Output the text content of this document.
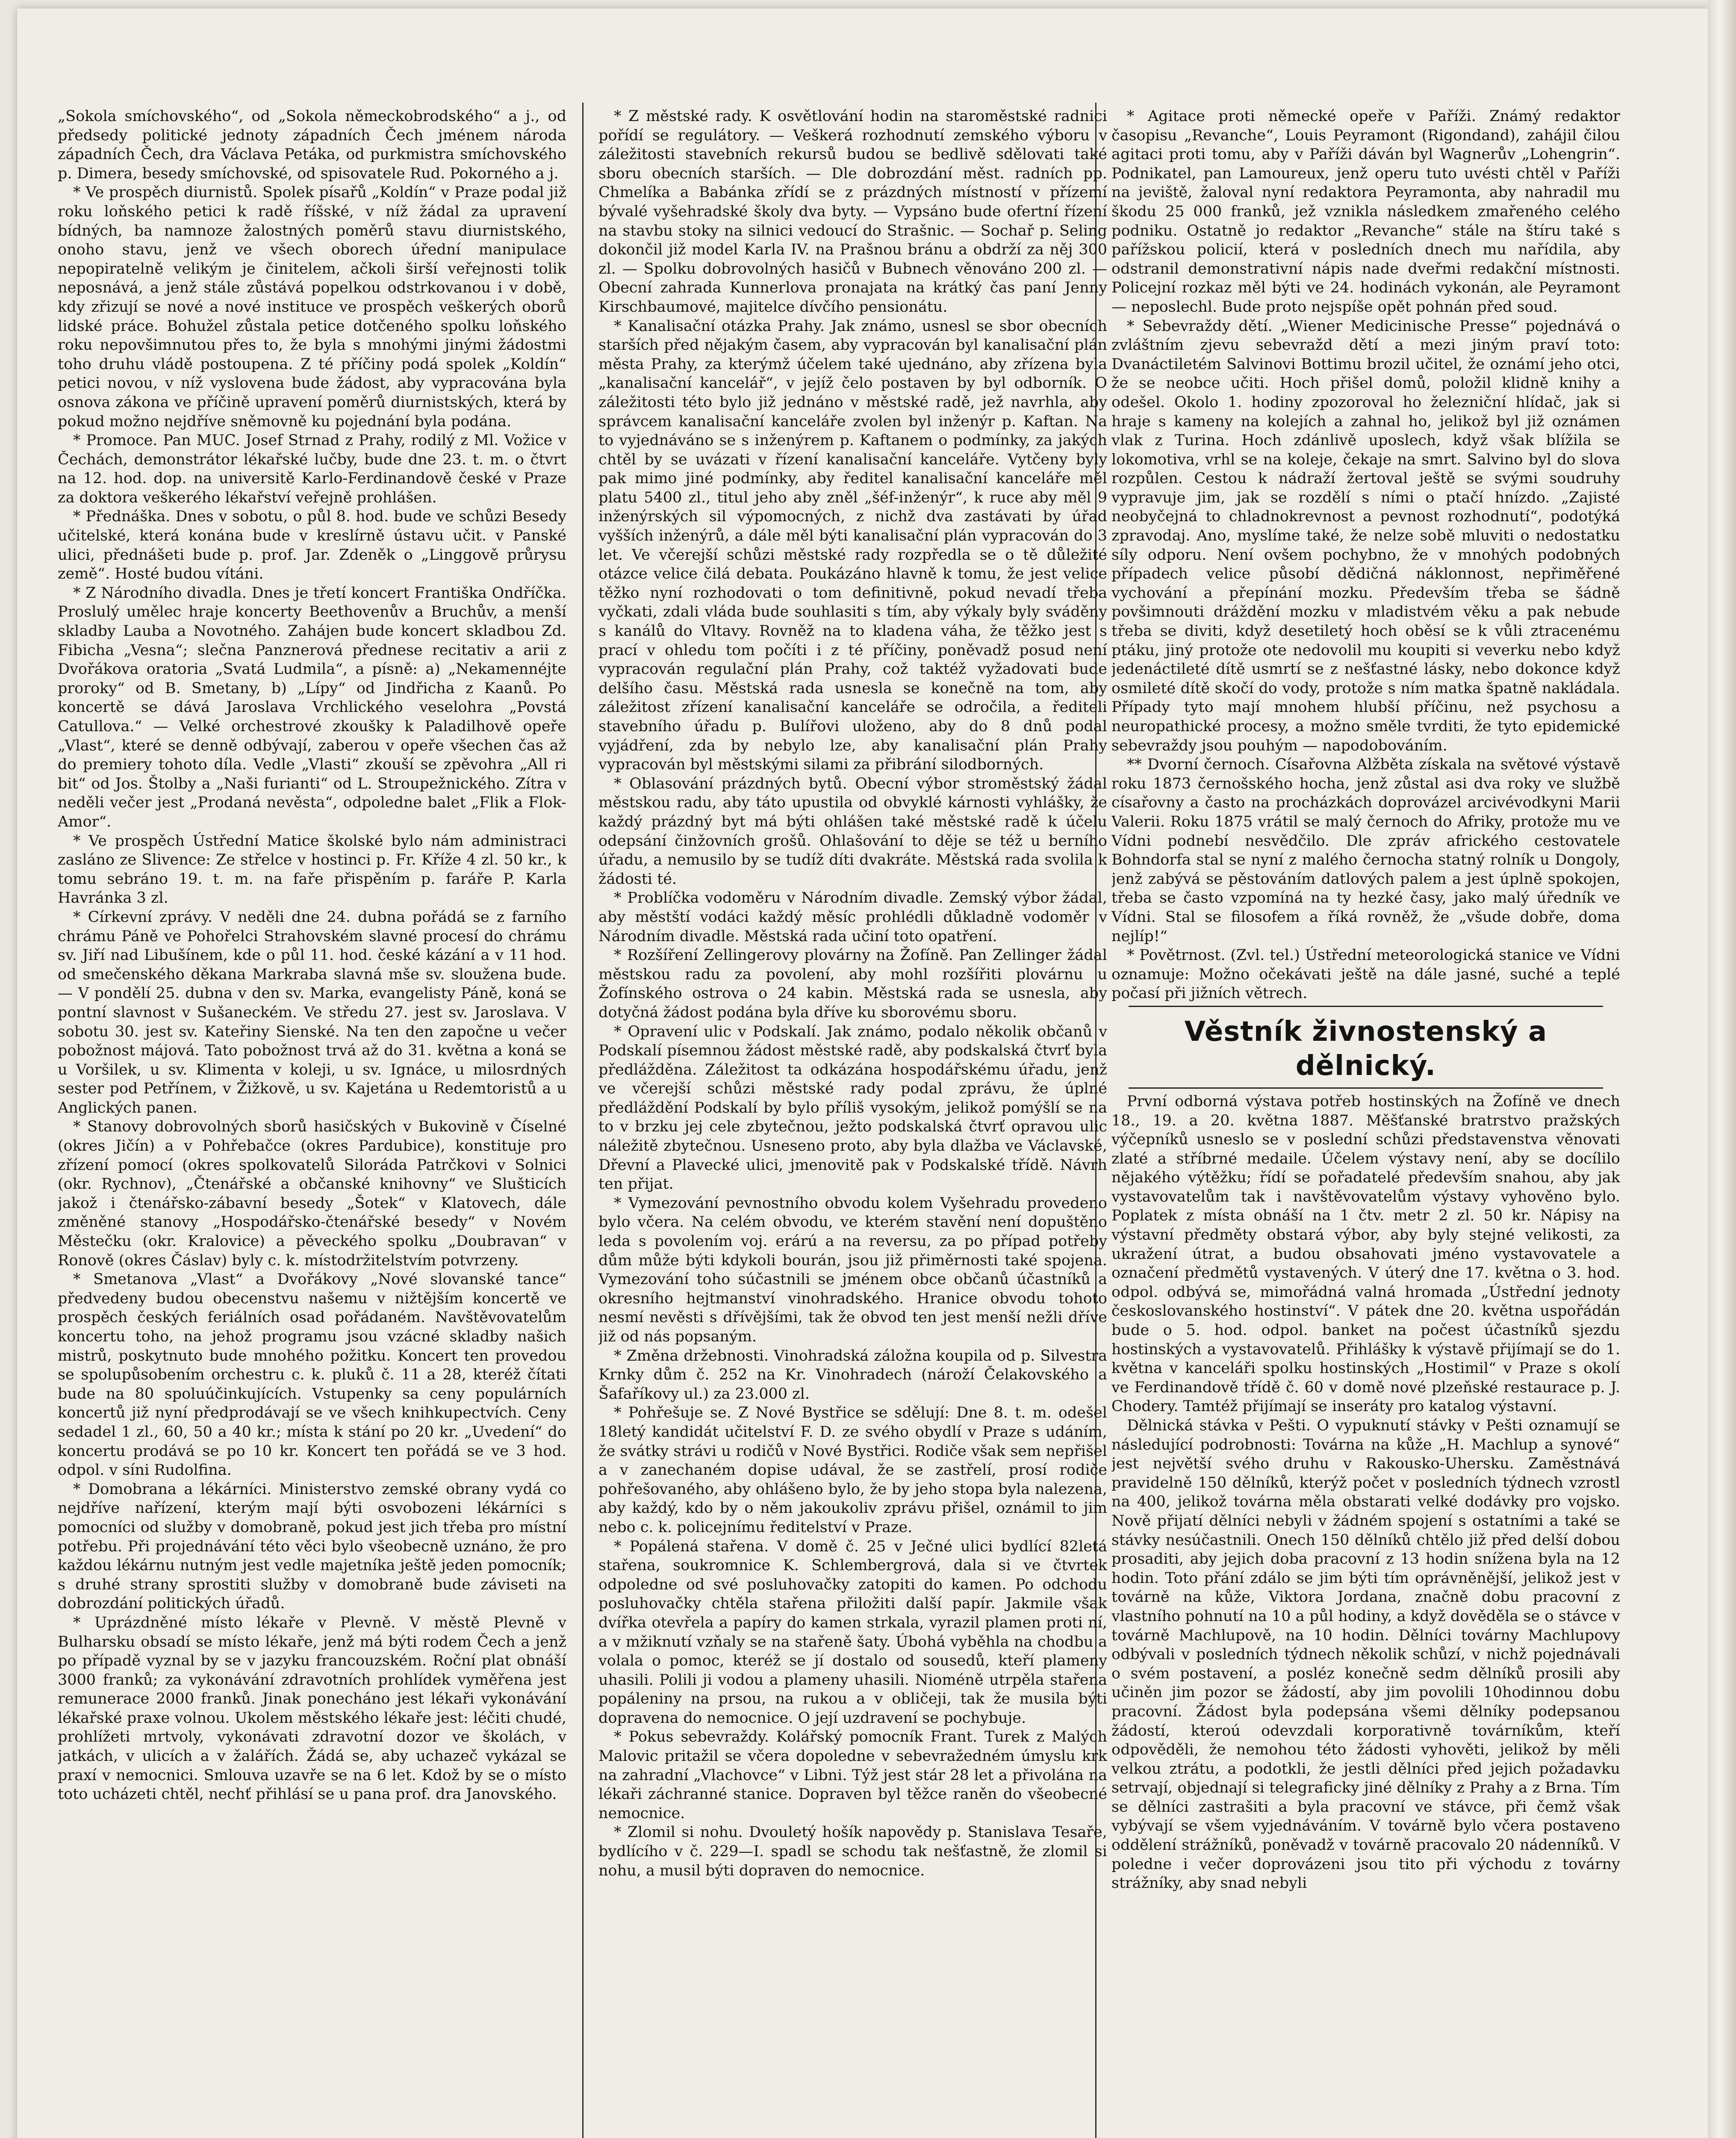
„Sokola smíchovského“, od „Sokola německobrodského“ a j., od předsedy politické jednoty západních Čech jménem národa západních Čech, dra Václava Petáka, od purkmistra smíchovského p. Dimera, besedy smíchovské, od spisovatele Rud. Pokorného a j.

* Ve prospěch diurnistů. Spolek písařů „Koldín“ v Praze podal již roku loňského petici k radě říšské, v níž žádal za upravení bídných, ba namnoze žalostných poměrů stavu diurnistského, onoho stavu, jenž ve všech oborech úřední manipulace nepopiratelně velikým je činitelem, ačkoli širší veřejnosti tolik neposnává, a jenž stále zůstává popelkou odstrkovanou i v době, kdy zřizují se nové a nové instituce ve prospěch veškerých oborů lidské práce. Bohužel zůstala petice dotčeného spolku loňského roku nepovšimnutou přes to, že byla s mnohými jinými žádostmi toho druhu vládě postoupena. Z té příčiny podá spolek „Koldín“ petici novou, v níž vyslovena bude žádost, aby vypracována byla osnova zákona ve příčině upravení poměrů diurnistských, která by pokud možno nejdříve sněmovně ku pojednání byla podána.

* Promoce. Pan MUC. Josef Strnad z Prahy, rodilý z Ml. Vožice v Čechách, demonstrátor lékařské lučby, bude dne 23. t. m. o čtvrt na 12. hod. dop. na universitě Karlo-Ferdinandově české v Praze za doktora veškerého lékařství veřejně prohlášen.

* Přednáška. Dnes v sobotu, o půl 8. hod. bude ve schůzi Besedy učitelské, která konána bude v kreslírně ústavu učit. v Panské ulici, přednášeti bude p. prof. Jar. Zdeněk o „Linggově průrysu země“. Hosté budou vítáni.

* Z Národního divadla. Dnes je třetí koncert Františka Ondříčka. Proslulý umělec hraje koncerty Beethovenův a Bruchův, a menší skladby Lauba a Novotného. Zahájen bude koncert skladbou Zd. Fibicha „Vesna“; slečna Panznerová přednese recitativ a arii z Dvořákova oratoria „Svatá Ludmila“, a písně: a) „Nekamennéjte proroky“ od B. Smetany, b) „Lípy“ od Jindřicha z Kaanů. Po koncertě se dává Jaroslava Vrchlického veselohra „Povstá Catullova.“ — Velké orchestrové zkoušky k Paladilhově opeře „Vlast“, které se denně odbývají, zaberou v opeře všechen čas až do premiery tohoto díla. Vedle „Vlasti“ zkouší se zpěvohra „All ri bit“ od Jos. Štolby a „Naši furianti“ od L. Stroupežnického. Zítra v neděli večer jest „Prodaná nevěsta“, odpoledne balet „Flik a Flok-Amor“.

* Ve prospěch Ústřední Matice školské bylo nám administraci zasláno ze Slivence: Ze střelce v hostinci p. Fr. Kříže 4 zl. 50 kr., k tomu sebráno 19. t. m. na faře přispěním p. faráře P. Karla Havránka 3 zl.

* Církevní zprávy. V neděli dne 24. dubna pořádá se z farního chrámu Páně ve Pohořelci Strahovském slavné procesí do chrámu sv. Jiří nad Libušínem, kde o půl 11. hod. české kázání a v 11 hod. od smečenského děkana Markraba slavná mše sv. sloužena bude. — V pondělí 25. dubna v den sv. Marka, evangelisty Páně, koná se pontní slavnost v Sušaneckém. Ve středu 27. jest sv. Jaroslava. V sobotu 30. jest sv. Kateřiny Sienské. Na ten den započne u večer pobožnost májová. Tato pobožnost trvá až do 31. května a koná se u Voršilek, u sv. Klimenta v koleji, u sv. Ignáce, u milosrdných sester pod Petřínem, v Žižkově, u sv. Kajetána u Redemtoristů a u Anglických panen.

* Stanovy dobrovolných sborů hasičských v Bukovině v Číselné (okres Jičín) a v Pohřebačce (okres Pardubice), konstituje pro zřízení pomocí (okres spolkovatelů Siloráda Patrčkovi v Solnici (okr. Rychnov), „Čtenářské a občanské knihovny“ ve Slušticích jakož i čtenářsko-zábavní besedy „Šotek“ v Klatovech, dále změněné stanovy „Hospodářsko-čtenářské besedy“ v Novém Městečku (okr. Kralovice) a pěveckého spolku „Doubravan“ v Ronově (okres Čáslav) byly c. k. místodržitelstvím potvrzeny.

* Smetanova „Vlast“ a Dvořákovy „Nové slovanské tance“ předvedeny budou obecenstvu našemu v nižtějším koncertě ve prospěch českých feriálních osad pořádaném. Navštěvovatelům koncertu toho, na jehož programu jsou vzácné skladby našich mistrů, poskytnuto bude mnohého požitku. Koncert ten provedou se spolupůsobením orchestru c. k. pluků č. 11 a 28, kteréž čítati bude na 80 spoluúčinkujících. Vstupenky sa ceny populárních koncertů již nyní předprodávají se ve všech knihkupectvích. Ceny sedadel 1 zl., 60, 50 a 40 kr.; místa k stání po 20 kr. „Uvedení“ do koncertu prodává se po 10 kr. Koncert ten pořádá se ve 3 hod. odpol. v síni Rudolfina.

* Domobrana a lékárníci. Ministerstvo zemské obrany vydá co nejdříve nařízení, kterým mají býti osvobozeni lékárníci s pomocníci od služby v domobraně, pokud jest jich třeba pro místní potřebu. Při projednávání této věci bylo všeobecně uznáno, že pro každou lékárnu nutným jest vedle majetníka ještě jeden pomocník; s druhé strany sprostiti služby v domobraně bude záviseti na dobrozdání politických úřadů.

* Uprázdněné místo lékaře v Plevně. V městě Plevně v Bulharsku obsadí se místo lékaře, jenž má býti rodem Čech a jenž po případě vyznal by se v jazyku francouzském. Roční plat obnáší 3000 franků; za vykonávání zdravotních prohlídek vyměřena jest remunerace 2000 franků. Jinak ponecháno jest lékaři vykonávání lékařské praxe volnou. Ukolem městského lékaře jest: léčiti chudé, prohlížeti mrtvoly, vykonávati zdravotní dozor ve školách, v jatkách, v ulicích a v žalářích. Žádá se, aby uchazeč vykázal se praxí v nemocnici. Smlouva uzavře se na 6 let. Kdož by se o místo toto ucházeti chtěl, nechť přihlásí se u pana prof. dra Janovského.

* Z městské rady. K osvětlování hodin na staroměstské radnici pořídí se regulátory. — Veškerá rozhodnutí zemského výboru v záležitosti stavebních rekursů budou se bedlivě sdělovati také sboru obecních starších. — Dle dobrozdání měst. radních pp. Chmelíka a Babánka zřídí se z prázdných místností v přízemí bývalé vyšehradské školy dva byty. — Vypsáno bude ofertní řízení na stavbu stoky na silnici vedoucí do Strašnic. — Sochař p. Seling dokončil již model Karla IV. na Prašnou bránu a obdrží za něj 300 zl. — Spolku dobrovolných hasičů v Bubnech věnováno 200 zl. — Obecní zahrada Kunnerlova pronajata na krátký čas paní Jenny Kirschbaumové, majitelce dívčího pensionátu.

* Kanalisační otázka Prahy. Jak známo, usnesl se sbor obecních starších před nějakým časem, aby vypracován byl kanalisační plán města Prahy, za kterýmž účelem také ujednáno, aby zřízena byla „kanalisační kancelář“, v jejíž čelo postaven by byl odborník. O záležitosti této bylo již jednáno v městské radě, jež navrhla, aby správcem kanalisační kanceláře zvolen byl inženýr p. Kaftan. Na to vyjednáváno se s inženýrem p. Kaftanem o podmínky, za jakých chtěl by se uvázati v řízení kanalisační kanceláře. Vytčeny byly pak mimo jiné podmínky, aby ředitel kanalisační kanceláře měl platu 5400 zl., titul jeho aby zněl „šéf-inženýr“, k ruce aby měl 9 inženýrských sil výpomocných, z nichž dva zastávati by úřad vyšších inženýrů, a dále měl býti kanalisační plán vypracován do 3 let. Ve včerejší schůzi městské rady rozpředla se o tě důležité otázce velice čilá debata. Poukázáno hlavně k tomu, že jest velice těžko nyní rozhodovati o tom definitivně, pokud nevadí třeba vyčkati, zdali vláda bude souhlasiti s tím, aby výkaly byly sváděny s kanálů do Vltavy. Rovněž na to kladena váha, že těžko jest s prací v ohledu tom počíti i z té příčiny, poněvadž posud není vypracován regulační plán Prahy, což taktéž vyžadovati bude delšího času. Městská rada usnesla se konečně na tom, aby záležitost zřízení kanalisační kanceláře se odročila, a řediteli stavebního úřadu p. Bulířovi uloženo, aby do 8 dnů podal vyjádření, zda by nebylo lze, aby kanalisační plán Prahy vypracován byl městskými silami za přibrání silodborných.

* Oblasování prázdných bytů. Obecní výbor stroměstský žádal městskou radu, aby táto upustila od obvyklé kárnosti vyhlášky, že každý prázdný byt má býti ohlášen také městské radě k účelu odepsání činžovních grošů. Ohlašování to děje se též u berního úřadu, a nemusilo by se tudíž díti dvakráte. Městská rada svolila k žádosti té.

* Problíčka vodoměru v Národním divadle. Zemský výbor žádal, aby městští vodáci každý měsíc prohlédli důkladně vodoměr v Národním divadle. Městská rada učiní toto opatření.

* Rozšíření Zellingerovy plovárny na Žofíně. Pan Zellinger žádal městskou radu za povolení, aby mohl rozšířiti plovárnu u Žofínského ostrova o 24 kabin. Městská rada se usnesla, aby dotyčná žádost podána byla dříve ku sborovému sboru.

* Opravení ulic v Podskalí. Jak známo, podalo několik občanů v Podskalí písemnou žádost městské radě, aby podskalská čtvrť byla předlážděna. Záležitost ta odkázána hospodářskému úřadu, jenž ve včerejší schůzi městské rady podal zprávu, že úplné předláždění Podskalí by bylo příliš vysokým, jelikož pomýšlí se na to v brzku jej cele zbytečnou, ježto podskalská čtvrť opravou ulic náležitě zbytečnou. Usneseno proto, aby byla dlažba ve Václavské, Dřevní a Plavecké ulici, jmenovitě pak v Podskalské třídě. Návrh ten přijat.

* Vymezování pevnostního obvodu kolem Vyšehradu provedeno bylo včera. Na celém obvodu, ve kterém stavění není dopuštěno leda s povolením voj. erárú a na reversu, za po případ potřeby dům může býti kdykoli bourán, jsou již přiměrnosti také spojena. Vymezování toho súčastnili se jménem obce občanů účastníků a okresního hejtmanství vinohradského. Hranice obvodu tohoto nesmí nevěsti s dřívějšími, tak že obvod ten jest menší nežli dříve již od nás popsaným.

* Změna držebnosti. Vinohradská záložna koupila od p. Silvestra Krnky dům č. 252 na Kr. Vinohradech (nároží Čelakovského a Šafaříkovy ul.) za 23.000 zl.

* Pohřešuje se. Z Nové Bystřice se sdělují: Dne 8. t. m. odešel 18letý kandidát učitelství F. D. ze svého obydlí v Praze s udáním, že svátky strávi u rodičů v Nové Bystřici. Rodiče však sem nepřišel a v zanechaném dopise udával, že se zastřelí, prosí rodiče pohřešovaného, aby ohlášeno bylo, že by jeho stopa byla nalezena, aby každý, kdo by o něm jakoukoliv zprávu přišel, oznámil to jim nebo c. k. policejnímu ředitelství v Praze.

* Popálená stařena. V domě č. 25 v Ječné ulici bydlící 82letá stařena, soukromnice K. Schlembergrová, dala si ve čtvrtek odpoledne od své posluhovačky zatopiti do kamen. Po odchodu posluhovačky chtěla stařena přiložiti další papír. Jakmile však dvířka otevřela a papíry do kamen strkala, vyrazil plamen proti ní, a v mžiknutí vzňaly se na stařeně šaty. Úbohá vyběhla na chodbu a volala o pomoc, kteréž se jí dostalo od sousedů, kteří plameny uhasili. Polili ji vodou a plameny uhasili. Nioméně utrpěla stařena popáleniny na prsou, na rukou a v obličeji, tak že musila býti dopravena do nemocnice. O její uzdravení se pochybuje.

* Pokus sebevraždy. Kolářský pomocník Frant. Turek z Malých Malovic pritažil se včera dopoledne v sebevražedném úmyslu krk na zahradní „Vlachovce“ v Libni. Týž jest stár 28 let a přivolána na lékaři záchranné stanice. Dopraven byl těžce raněn do všeobecné nemocnice.

* Zlomil si nohu. Dvouletý hošík napovědy p. Stanislava Tesaře, bydlícího v č. 229—I. spadl se schodu tak nešťastně, že zlomil si nohu, a musil býti dopraven do nemocnice.

* Agitace proti německé opeře v Paříži. Známý redaktor časopisu „Revanche“, Louis Peyramont (Rigondand), zahájil čilou agitaci proti tomu, aby v Paříži dáván byl Wagnerův „Lohengrin“. Podnikatel, pan Lamoureux, jenž operu tuto uvésti chtěl v Paříži na jeviště, žaloval nyní redaktora Peyramonta, aby nahradil mu škodu 25 000 franků, jež vznikla následkem zmařeného celého podniku. Ostatně jo redaktor „Revanche“ stále na štíru také s pařížskou policií, která v posledních dnech mu nařídila, aby odstranil demonstrativní nápis nade dveřmi redakční místnosti. Policejní rozkaz měl býti ve 24. hodinách vykonán, ale Peyramont — neposlechl. Bude proto nejspíše opět pohnán před soud.

* Sebevraždy dětí. „Wiener Medicinische Presse“ pojednává o zvláštním zjevu sebevražd dětí a mezi jiným praví toto: Dvanáctiletém Salvinovi Bottimu brozil učitel, že oznámí jeho otci, že se neobce učiti. Hoch přišel domů, položil klidně knihy a odešel. Okolo 1. hodiny zpozoroval ho železniční hlídač, jak si hraje s kameny na kolejích a zahnal ho, jelikož byl již oznámen vlak z Turina. Hoch zdánlivě uposlech, když však blížila se lokomotiva, vrhl se na koleje, čekaje na smrt. Salvino byl do slova rozpůlen. Cestou k nádraží žertoval ještě se svými soudruhy vypravuje jim, jak se rozdělí s ními o ptačí hnízdo. „Zajisté neobyčejná to chladnokrevnost a pevnost rozhodnutí“, podotýká zpravodaj. Ano, myslíme také, že nelze sobě mluviti o nedostatku síly odporu. Není ovšem pochybno, že v mnohých podobných případech velice působí dědičná náklonnost, nepřiměřené vychování a přepínání mozku. Především třeba se šádně povšimnouti dráždění mozku v mladistvém věku a pak nebude třeba se diviti, když desetiletý hoch oběsí se k vůli ztracenému ptáku, jiný protože ote nedovolil mu koupiti si veverku nebo když jedenáctileté dítě usmrtí se z nešťastné lásky, nebo dokonce když osmileté dítě skočí do vody, protože s ním matka špatně nakládala. Případy tyto mají mnohem hlubší příčinu, než psychosu a neuropathické procesy, a možno směle tvrditi, že tyto epidemické sebevraždy jsou pouhým — napodobováním.

** Dvorní černoch. Císařovna Alžběta získala na světové výstavě roku 1873 černošského hocha, jenž zůstal asi dva roky ve službě císařovny a často na procházkách doprovázel arcivévodkyni Marii Valerii. Roku 1875 vrátil se malý černoch do Afriky, protože mu ve Vídni podnebí nesvědčilo. Dle zpráv afrického cestovatele Bohndorfa stal se nyní z malého černocha statný rolník u Dongoly, jenž zabývá se pěstováním datlových palem a jest úplně spokojen, třeba se často vzpomíná na ty hezké časy, jako malý úředník ve Vídni. Stal se filosofem a říká rovněž, že „všude dobře, doma nejlíp!“

* Povětrnost. (Zvl. tel.) Ústřední meteorologická stanice ve Vídni oznamuje: Možno očekávati ještě na dále jasné, suché a teplé počasí při jižních větrech.

Věstník živnostenský a dělnický.

První odborná výstava potřeb hostinských na Žofíně ve dnech 18., 19. a 20. května 1887. Měšťanské bratrstvo pražských výčepníků usneslo se v poslední schůzi představenstva věnovati zlaté a stříbrné medaile. Účelem výstavy není, aby se docílilo nějakého výtěžku; řídí se pořadatelé především snahou, aby jak vystavovatelům tak i navštěvovatelům výstavy vyhověno bylo. Poplatek z místa obnáší na 1 čtv. metr 2 zl. 50 kr. Nápisy na výstavní předměty obstará výbor, aby byly stejné velikosti, za ukražení útrat, a budou obsahovati jméno vystavovatele a označení předmětů vystavených. V úterý dne 17. května o 3. hod. odpol. odbývá se, mimořádná valná hromada „Ústřední jednoty českoslovanského hostinství“. V pátek dne 20. května uspořádán bude o 5. hod. odpol. banket na počest účastníků sjezdu hostinských a vystavovatelů. Přihlášky k výstavě přijímají se do 1. května v kanceláři spolku hostinských „Hostimil“ v Praze s okolí ve Ferdinandově třídě č. 60 v domě nové plzeňské restaurace p. J. Chodery. Tamtéž přijímají se inseráty pro katalog výstavní.

Dělnická stávka v Pešti. O vypuknutí stávky v Pešti oznamují se následující podrobnosti: Továrna na kůže „H. Machlup a synové“ jest největší svého druhu v Rakousko-Uhersku. Zaměstnává pravidelně 150 dělníků, kterýž počet v posledních týdnech vzrostl na 400, jelikož továrna měla obstarati velké dodávky pro vojsko. Nově přijatí dělníci nebyli v žádném spojení s ostatními a také se stávky nesúčastnili. Onech 150 dělníků chtělo již před delší dobou prosaditi, aby jejich doba pracovní z 13 hodin snížena byla na 12 hodin. Toto přání zdálo se jim býti tím oprávněnější, jelikož jest v továrně na kůže, Viktora Jordana, značně dobu pracovní z vlastního pohnutí na 10 a půl hodiny, a když dověděla se o stávce v továrně Machlupově, na 10 hodin. Dělníci továrny Machlupovy odbývali v posledních týdnech několik schůzí, v nichž pojednávali o svém postavení, a posléz konečně sedm dělníků prosili aby učiněn jim pozor se žádostí, aby jim povolili 10hodinnou dobu pracovní. Žádost byla podepsána všemi dělníky podepsanou žádostí, kteroú odevzdali korporativně továrníkům, kteří odpověděli, že nemohou této žádosti vyhověti, jelikož by měli velkou ztrátu, a podotkli, že jestli dělníci před jejich požadavku setrvají, objednají si telegraficky jiné dělníky z Prahy a z Brna. Tím se dělníci zastrašiti a byla pracovní ve stávce, při čemž však vybývají se všem vyjednáváním. V továrně bylo včera postaveno oddělení strážníků, poněvadž v továrně pracovalo 20 nádenníků. V poledne i večer doprovázeni jsou tito při východu z továrny strážníky, aby snad nebyli
